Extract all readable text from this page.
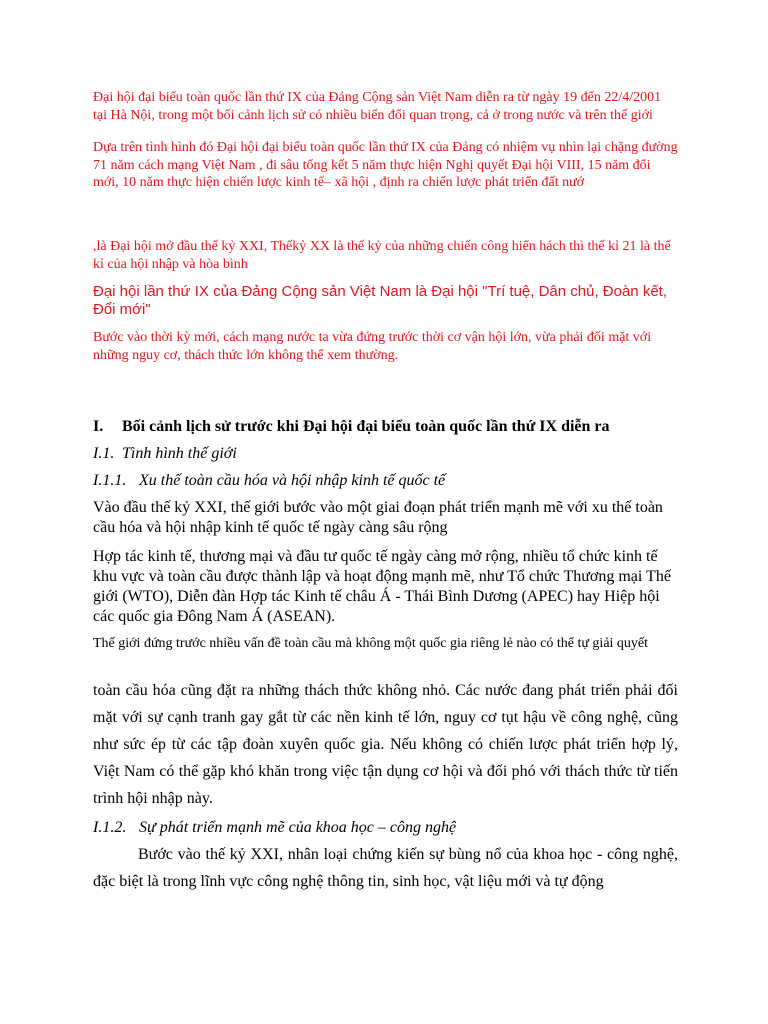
Đại hội đại biểu toàn quốc lần thứ IX của Đảng Cộng sản Việt Nam diễn ra từ ngày 19 đến 22/4/2001 tại Hà Nội, trong một bối cảnh lịch sử có nhiều biến đổi quan trọng, cả ở trong nước và trên thế giới

Dựa trên tình hình đó Đại hội đại biểu toàn quốc lần thứ IX của Đảng có nhiệm vụ nhìn lại chặng đường 71 năm cách mạng Việt Nam , đi sâu tổng kết 5 năm thực hiện Nghị quyết Đại hội VIII, 15 năm đổi mới, 10 năm thực hiện chiến lược kinh tế– xã hội , định ra chiến lược phát triển đất nướ

,là Đại hội mở đầu thế kỷ XXI, Thếkỷ XX là thế kỷ của những chiến công hiển hách thì thế kỉ 21 là thế kỉ của hội nhập và hòa bình

Đại hội lần thứ IX của Đảng Cộng sản Việt Nam là Đại hội "Trí tuệ, Dân chủ, Đoàn kết, Đổi mới"

Bước vào thời kỳ mới, cách mạng nước ta vừa đứng trước thời cơ vận hội lớn, vừa phải đối mặt với những nguy cơ, thách thức lớn không thể xem thường.

I. Bối cảnh lịch sử trước khi Đại hội đại biểu toàn quốc lần thứ IX diễn ra

I.1. Tình hình thế giới

I.1.1. Xu thế toàn cầu hóa và hội nhập kinh tế quốc tế

Vào đầu thế kỷ XXI, thế giới bước vào một giai đoạn phát triển mạnh mẽ với xu thế toàn cầu hóa và hội nhập kinh tế quốc tế ngày càng sâu rộng

Hợp tác kinh tế, thương mại và đầu tư quốc tế ngày càng mở rộng, nhiều tổ chức kinh tế khu vực và toàn cầu được thành lập và hoạt động mạnh mẽ, như Tổ chức Thương mại Thế giới (WTO), Diễn đàn Hợp tác Kinh tế châu Á - Thái Bình Dương (APEC) hay Hiệp hội các quốc gia Đông Nam Á (ASEAN).

Thế giới đứng trước nhiều vấn đề toàn cầu mà không một quốc gia riêng lẻ nào có thể tự giải quyết

toàn cầu hóa cũng đặt ra những thách thức không nhỏ. Các nước đang phát triển phải đối mặt với sự cạnh tranh gay gắt từ các nền kinh tế lớn, nguy cơ tụt hậu về công nghệ, cũng như sức ép từ các tập đoàn xuyên quốc gia. Nếu không có chiến lược phát triển hợp lý, Việt Nam có thể gặp khó khăn trong việc tận dụng cơ hội và đối phó với thách thức từ tiến trình hội nhập này.

I.1.2. Sự phát triển mạnh mẽ của khoa học – công nghệ

Bước vào thế kỷ XXI, nhân loại chứng kiến sự bùng nổ của khoa học - công nghệ, đặc biệt là trong lĩnh vực công nghệ thông tin, sinh học, vật liệu mới và tự động
